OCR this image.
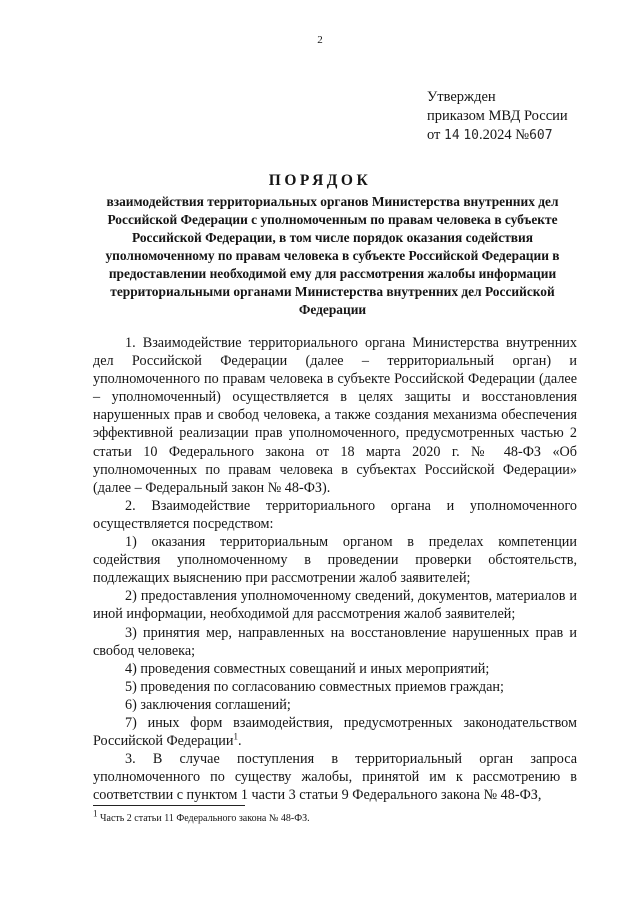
2
Утвержден
приказом МВД России
от 14 10.2024 №607
ПОРЯДОК
взаимодействия территориальных органов Министерства внутренних дел Российской Федерации с уполномоченным по правам человека в субъекте Российской Федерации, в том числе порядок оказания содействия уполномоченному по правам человека в субъекте Российской Федерации в предоставлении необходимой ему для рассмотрения жалобы информации территориальными органами Министерства внутренних дел Российской Федерации

1. Взаимодействие территориального органа Министерства внутренних дел Российской Федерации (далее – территориальный орган) и уполномоченного по правам человека в субъекте Российской Федерации (далее – уполномоченный) осуществляется в целях защиты и восстановления нарушенных прав и свобод человека, а также создания механизма обеспечения эффективной реализации прав уполномоченного, предусмотренных частью 2 статьи 10 Федерального закона от 18 марта 2020 г. № 48-ФЗ «Об уполномоченных по правам человека в субъектах Российской Федерации» (далее – Федеральный закон № 48-ФЗ).

2. Взаимодействие территориального органа и уполномоченного осуществляется посредством:

1) оказания территориальным органом в пределах компетенции содействия уполномоченному в проведении проверки обстоятельств, подлежащих выяснению при рассмотрении жалоб заявителей;

2) предоставления уполномоченному сведений, документов, материалов и иной информации, необходимой для рассмотрения жалоб заявителей;

3) принятия мер, направленных на восстановление нарушенных прав и свобод человека;

4) проведения совместных совещаний и иных мероприятий;

5) проведения по согласованию совместных приемов граждан;

6) заключения соглашений;

7) иных форм взаимодействия, предусмотренных законодательством Российской Федерации$^1$.

3. В случае поступления в территориальный орган запроса уполномоченного по существу жалобы, принятой им к рассмотрению в соответствии с пунктом 1 части 3 статьи 9 Федерального закона № 48-ФЗ,

$^1$ Часть 2 статьи 11 Федерального закона № 48-ФЗ.
